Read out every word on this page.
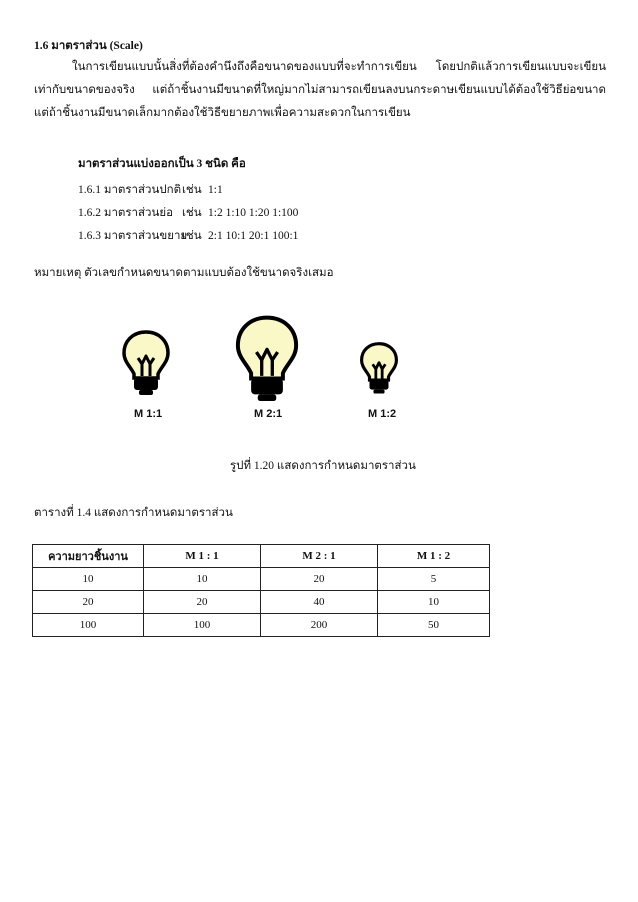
1.6 มาตราส่วน (Scale)
ในการเขียนแบบนั้นสิ่งที่ต้องคำนึงถึงคือขนาดของแบบที่จะทำการเขียน โดยปกติแล้วการเขียนแบบจะเขียนเท่ากับขนาดของจริง แต่ถ้าชิ้นงานมีขนาดที่ใหญ่มากไม่สามารถเขียนลงบนกระดาษเขียนแบบได้ต้องใช้วิธีย่อขนาดแต่ถ้าชิ้นงานมีขนาดเล็กมากต้องใช้วิธีขยายภาพเพื่อความสะดวกในการเขียน
มาตราส่วนแบ่งออกเป็น 3 ชนิด คือ
1.6.1 มาตราส่วนปกติเช่น 1:1
1.6.2 มาตราส่วนย่อ เช่น 1:2 1:10 1:20 1:100
1.6.3 มาตราส่วนขยายเช่น 2:1 10:1 20:1 100:1
หมายเหตุ ตัวเลขกำหนดขนาดตามแบบต้องใช้ขนาดจริงเสมอ
M 1:1	M 2:1	M 1:2
รูปที่ 1.20 แสดงการกำหนดมาตราส่วน
ตารางที่ 1.4 แสดงการกำหนดมาตราส่วน
ความยาวชิ้นงาน	M 1 : 1	M 2 : 1	M 1 : 2
10	10	20	5
20	20	40	10
100	100	200	50
